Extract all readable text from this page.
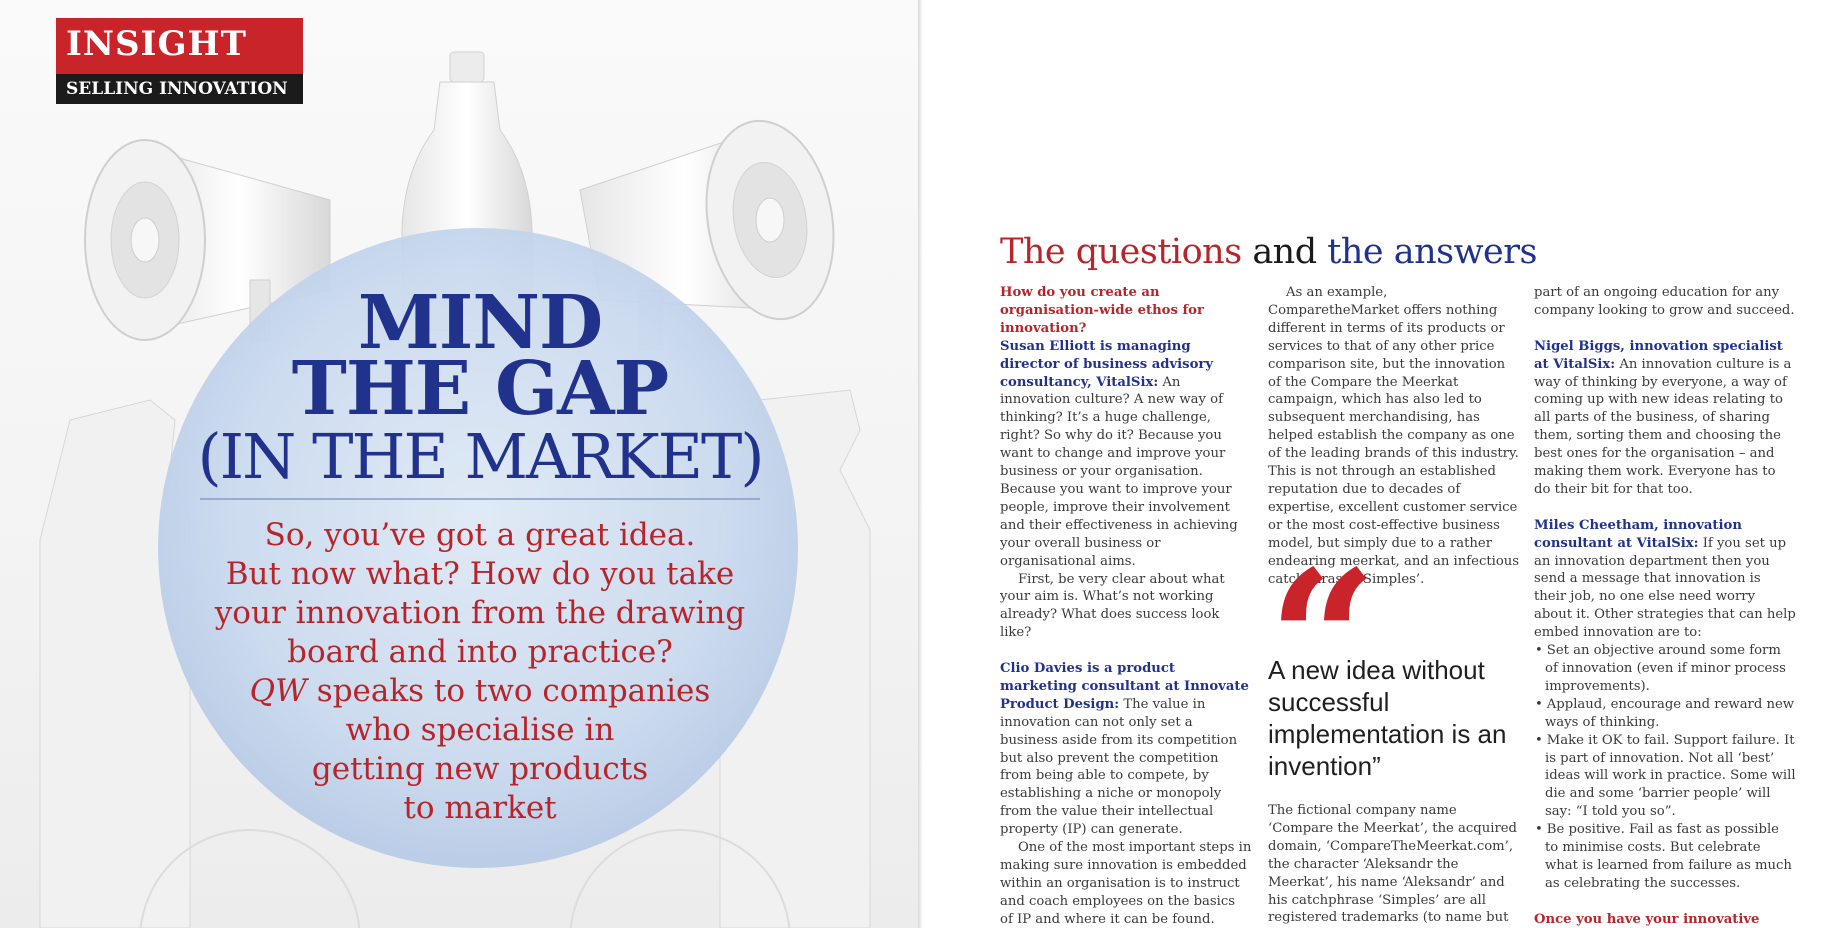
INSIGHT
SELLING INNOVATION
MIND
THE GAP
(IN THE MARKET)
So, you’ve got a great idea.
But now what? How do you take
your innovation from the drawing
board and into practice?
QW speaks to two companies
who specialise in
getting new products
to market
The questions and the answers

How do you create an organisation-wide ethos for innovation?

Susan Elliott is managing director of business advisory consultancy, VitalSix: An innovation culture? A new way of thinking? It’s a huge challenge, right? So why do it? Because you want to change and improve your business or your organisation. Because you want to improve your people, improve their involvement and their effectiveness in achieving your overall business or organisational aims.

First, be very clear about what your aim is. What’s not working already? What does success look like?

Clio Davies is a product marketing consultant at Innovate Product Design: The value in innovation can not only set a business aside from its competition but also prevent the competition from being able to compete, by establishing a niche or monopoly from the value their intellectual property (IP) can generate.

One of the most important steps in making sure innovation is embedded within an organisation is to instruct and coach employees on the basics of IP and where it can be found.

As an example, ComparetheMarket offers nothing different in terms of its products or services to that of any other price comparison site, but the innovation of the Compare the Meerkat campaign, which has also led to subsequent merchandising, has helped establish the company as one of the leading brands of this industry. This is not through an established reputation due to decades of expertise, excellent customer service or the most cost-effective business model, but simply due to a rather endearing meerkat, and an infectious catchphrase: ‘Simples’.

A new idea without successful implementation is an invention”

The fictional company name ‘Compare the Meerkat’, the acquired domain, ‘CompareTheMeerkat.com’, the character ‘Aleksandr the Meerkat’, his name ‘Aleksandr’ and his catchphrase ‘Simples’ are all registered trademarks (to name but

part of an ongoing education for any company looking to grow and succeed.

Nigel Biggs, innovation specialist at VitalSix: An innovation culture is a way of thinking by everyone, a way of coming up with new ideas relating to all parts of the business, of sharing them, sorting them and choosing the best ones for the organisation – and making them work. Everyone has to do their bit for that too.

Miles Cheetham, innovation consultant at VitalSix: If you set up an innovation department then you send a message that innovation is their job, no one else need worry about it. Other strategies that can help embed innovation are to:

• Set an objective around some form of innovation (even if minor process improvements).
• Applaud, encourage and reward new ways of thinking.
• Make it OK to fail. Support failure. It is part of innovation. Not all ‘best’ ideas will work in practice. Some will die and some ‘barrier people’ will say: “I told you so”.
• Be positive. Fail as fast as possible to minimise costs. But celebrate what is learned from failure as much as celebrating the successes.

Once you have your innovative
